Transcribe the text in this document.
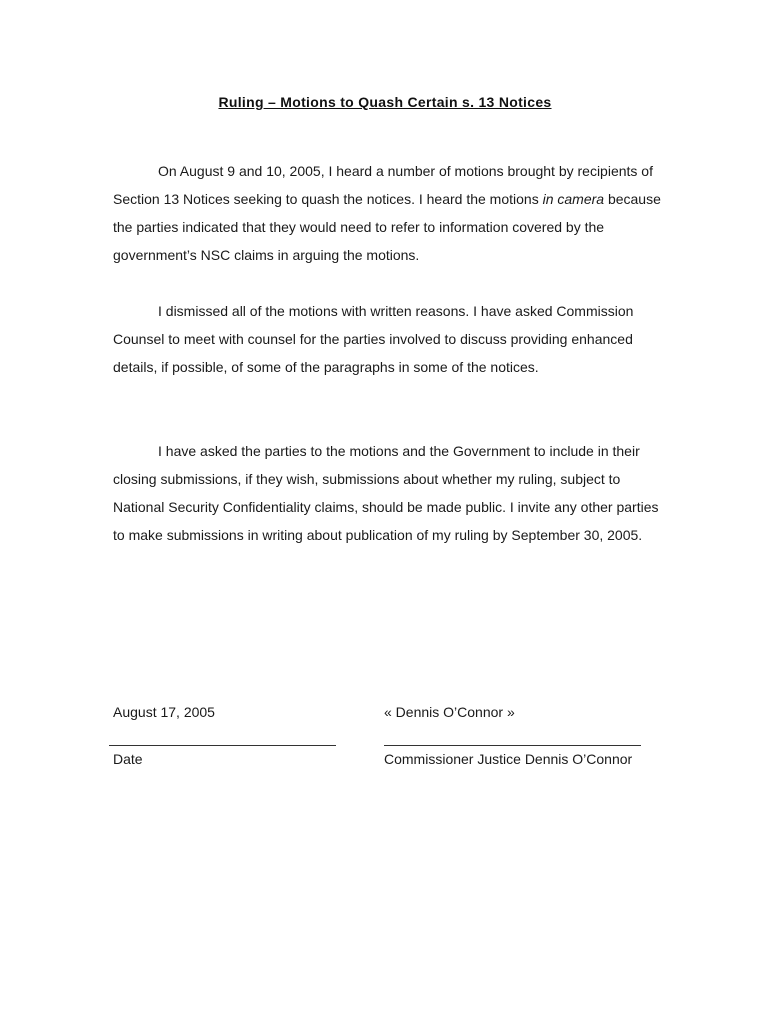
Ruling – Motions to Quash Certain s. 13 Notices

On August 9 and 10, 2005, I heard a number of motions brought by recipients of Section 13 Notices seeking to quash the notices. I heard the motions in camera because the parties indicated that they would need to refer to information covered by the government’s NSC claims in arguing the motions.

I dismissed all of the motions with written reasons. I have asked Commission Counsel to meet with counsel for the parties involved to discuss providing enhanced details, if possible, of some of the paragraphs in some of the notices.

I have asked the parties to the motions and the Government to include in their closing submissions, if they wish, submissions about whether my ruling, subject to National Security Confidentiality claims, should be made public. I invite any other parties to make submissions in writing about publication of my ruling by September 30, 2005.

August 17, 2005
Date
« Dennis O’Connor »
Commissioner Justice Dennis O’Connor
